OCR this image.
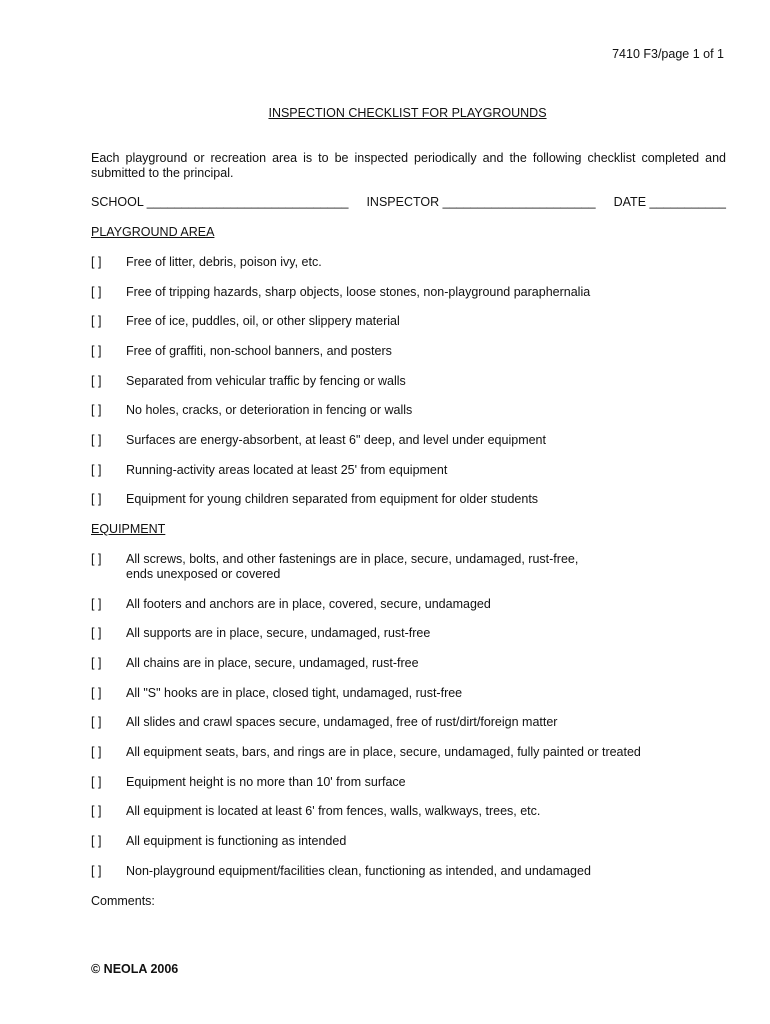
7410 F3/page 1 of 1
INSPECTION CHECKLIST FOR PLAYGROUNDS
Each playground or recreation area is to be inspected periodically and the following checklist completed and submitted to the principal.
SCHOOL _____________________________ INSPECTOR ______________________ DATE ___________
PLAYGROUND AREA
[ ]	Free of litter, debris, poison ivy, etc.
[ ]	Free of tripping hazards, sharp objects, loose stones, non-playground paraphernalia
[ ]	Free of ice, puddles, oil, or other slippery material
[ ]	Free of graffiti, non-school banners, and posters
[ ]	Separated from vehicular traffic by fencing or walls
[ ]	No holes, cracks, or deterioration in fencing or walls
[ ]	Surfaces are energy-absorbent, at least 6" deep, and level under equipment
[ ]	Running-activity areas located at least 25' from equipment
[ ]	Equipment for young children separated from equipment for older students
EQUIPMENT
[ ]	All screws, bolts, and other fastenings are in place, secure, undamaged, rust-free,
ends unexposed or covered
[ ]	All footers and anchors are in place, covered, secure, undamaged
[ ]	All supports are in place, secure, undamaged, rust-free
[ ]	All chains are in place, secure, undamaged, rust-free
[ ]	All "S" hooks are in place, closed tight, undamaged, rust-free
[ ]	All slides and crawl spaces secure, undamaged, free of rust/dirt/foreign matter
[ ]	All equipment seats, bars, and rings are in place, secure, undamaged, fully painted or treated
[ ]	Equipment height is no more than 10' from surface
[ ]	All equipment is located at least 6' from fences, walls, walkways, trees, etc.
[ ]	All equipment is functioning as intended
[ ]	Non-playground equipment/facilities clean, functioning as intended, and undamaged
Comments:
© NEOLA 2006
